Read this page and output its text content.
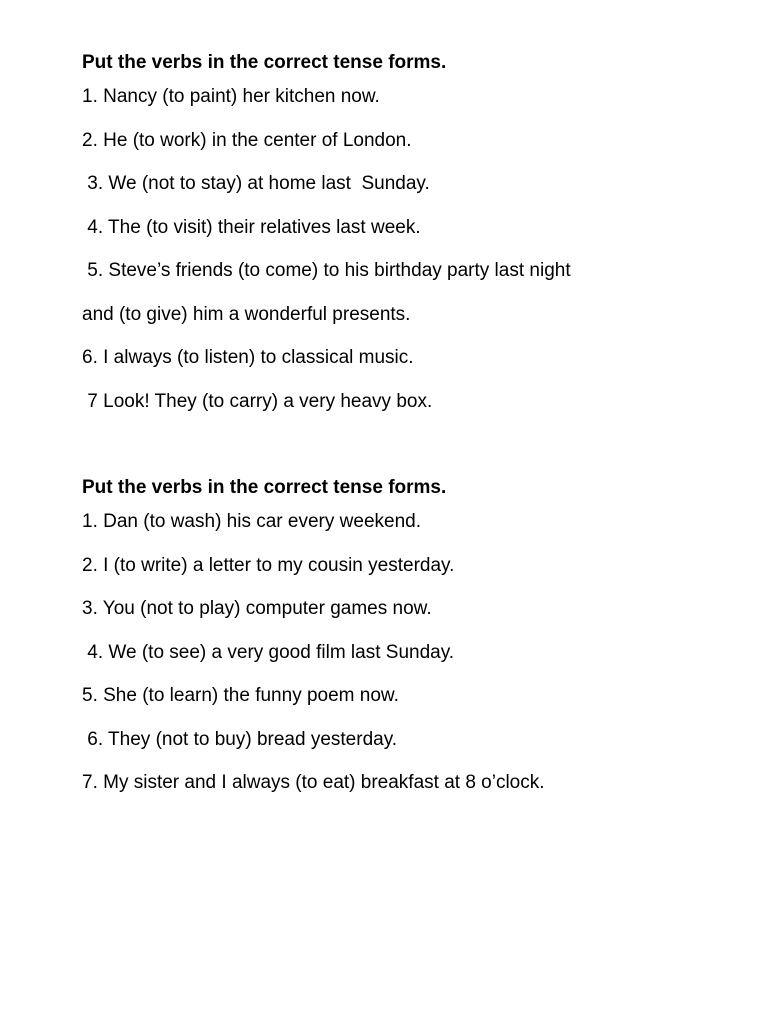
Put the verbs in the correct tense forms.
1. Nancy (to paint) her kitchen now.
2. He (to work) in the center of London.
3. We (not to stay) at home last  Sunday.
4. The (to visit) their relatives last week.
5. Steve’s friends (to come) to his birthday party last night
and (to give) him a wonderful presents.
6. I always (to listen) to classical music.
7 Look! They (to carry) a very heavy box.
Put the verbs in the correct tense forms.
1. Dan (to wash) his car every weekend.
2. I (to write) a letter to my cousin yesterday.
3. You (not to play) computer games now.
4. We (to see) a very good film last Sunday.
5. She (to learn) the funny poem now.
6. They (not to buy) bread yesterday.
7. My sister and I always (to eat) breakfast at 8 o’clock.
